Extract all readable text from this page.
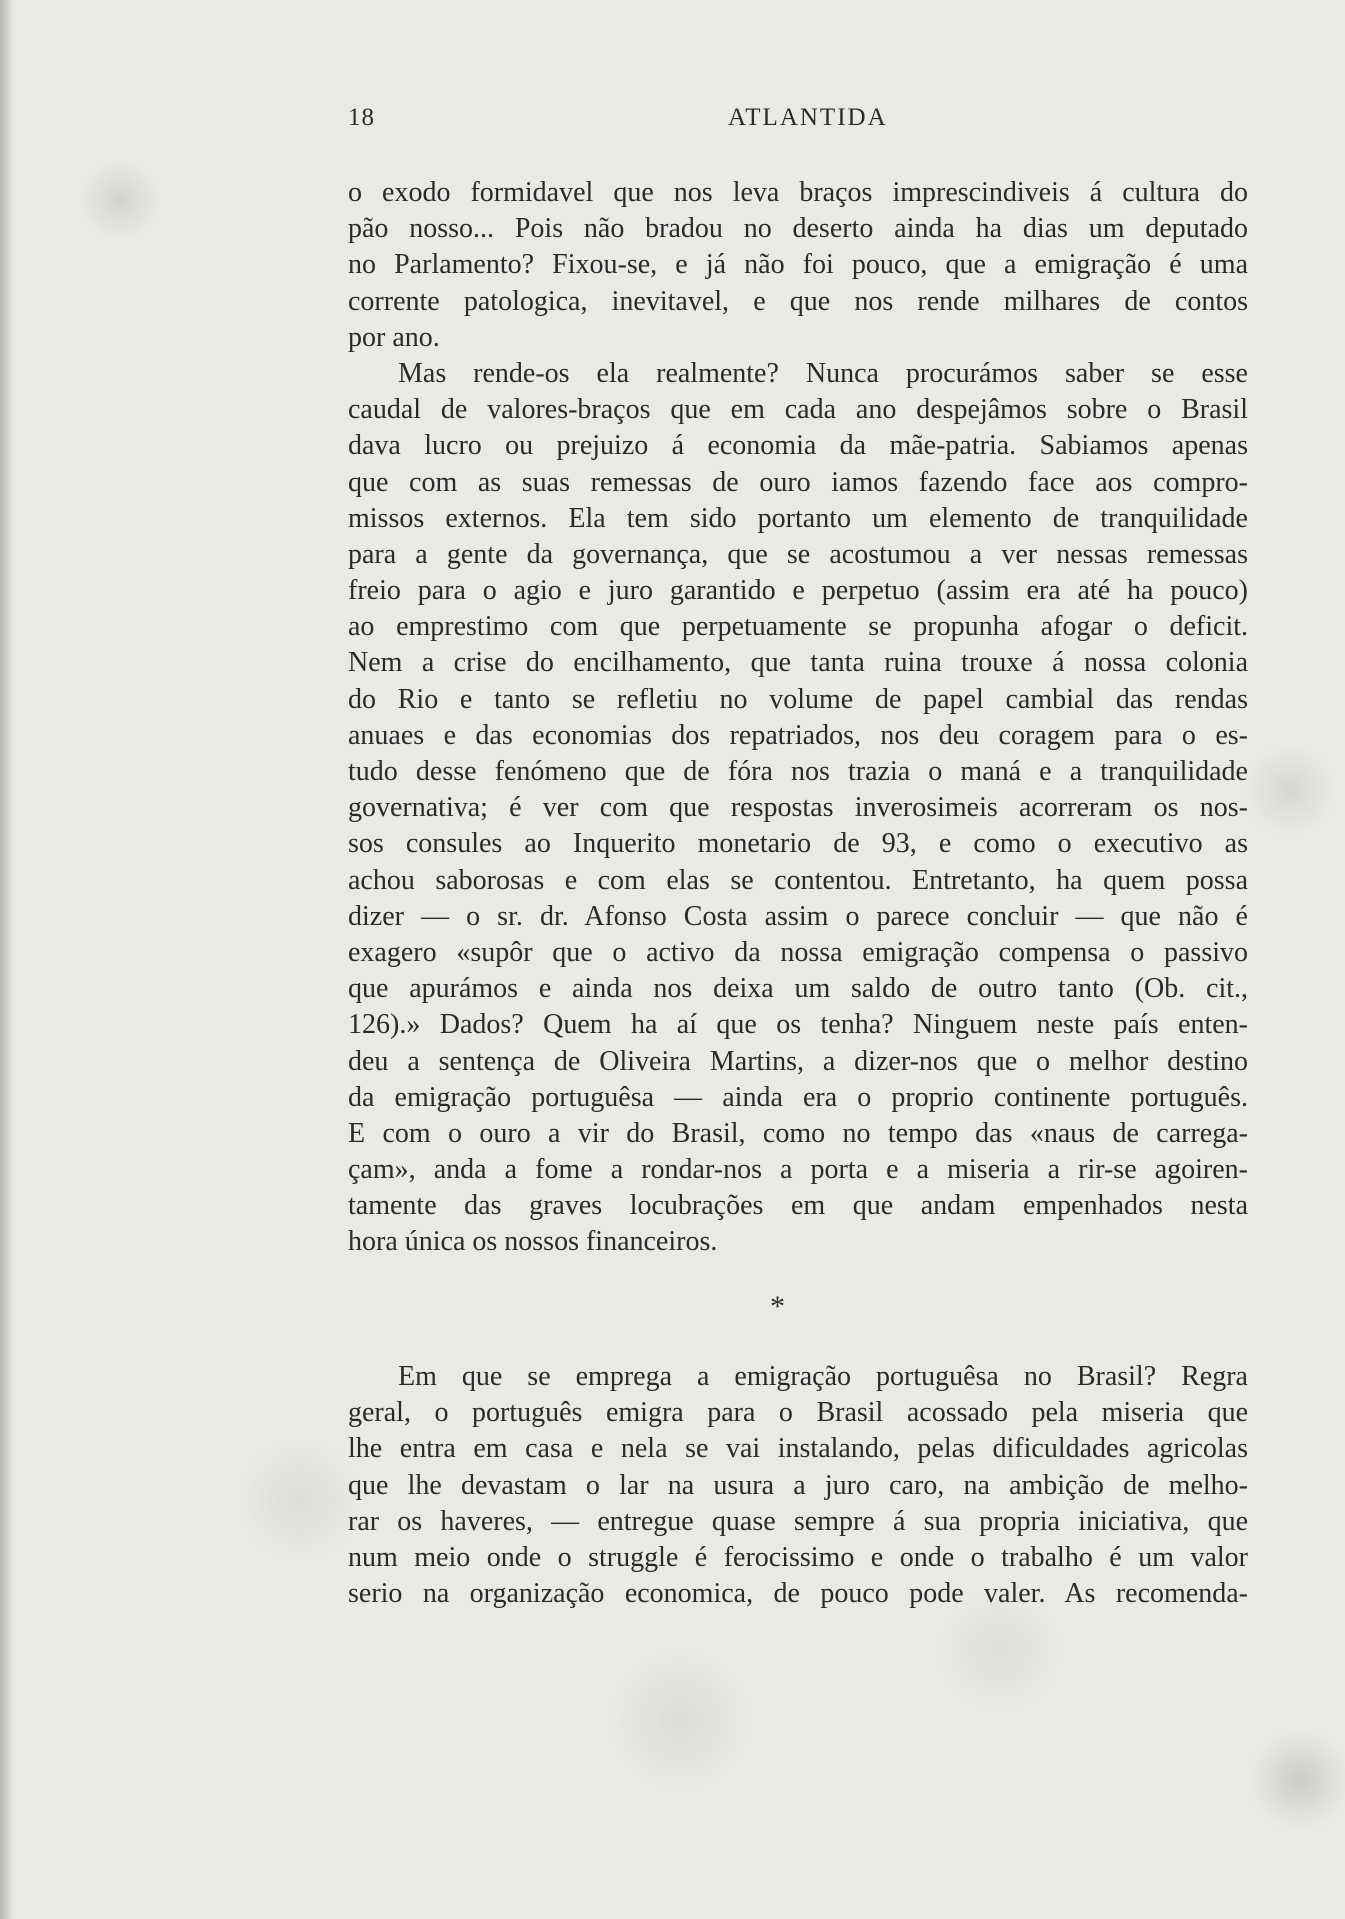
18	ATLANTIDA
o exodo formidavel que nos leva braços imprescindiveis á cultura do
pão nosso... Pois não bradou no deserto ainda ha dias um deputado
no Parlamento? Fixou-se, e já não foi pouco, que a emigração é uma
corrente patologica, inevitavel, e que nos rende milhares de contos
por ano.
Mas rende-os ela realmente? Nunca procurámos saber se esse
caudal de valores-braços que em cada ano despejâmos sobre o Brasil
dava lucro ou prejuizo á economia da mãe-patria. Sabiamos apenas
que com as suas remessas de ouro iamos fazendo face aos compro-
missos externos. Ela tem sido portanto um elemento de tranquilidade
para a gente da governança, que se acostumou a ver nessas remessas
freio para o agio e juro garantido e perpetuo (assim era até ha pouco)
ao emprestimo com que perpetuamente se propunha afogar o deficit.
Nem a crise do encilhamento, que tanta ruina trouxe á nossa colonia
do Rio e tanto se refletiu no volume de papel cambial das rendas
anuaes e das economias dos repatriados, nos deu coragem para o es-
tudo desse fenómeno que de fóra nos trazia o maná e a tranquilidade
governativa; é ver com que respostas inverosimeis acorreram os nos-
sos consules ao Inquerito monetario de 93, e como o executivo as
achou saborosas e com elas se contentou. Entretanto, ha quem possa
dizer — o sr. dr. Afonso Costa assim o parece concluir — que não é
exagero «supôr que o activo da nossa emigração compensa o passivo
que apurámos e ainda nos deixa um saldo de outro tanto (Ob. cit.,
126).» Dados? Quem ha aí que os tenha? Ninguem neste país enten-
deu a sentença de Oliveira Martins, a dizer-nos que o melhor destino
da emigração portuguêsa — ainda era o proprio continente português.
E com o ouro a vir do Brasil, como no tempo das «naus de carrega-
çam», anda a fome a rondar-nos a porta e a miseria a rir-se agoiren-
tamente das graves locubrações em que andam empenhados nesta
hora única os nossos financeiros.
*
Em que se emprega a emigração portuguêsa no Brasil? Regra
geral, o português emigra para o Brasil acossado pela miseria que
lhe entra em casa e nela se vai instalando, pelas dificuldades agricolas
que lhe devastam o lar na usura a juro caro, na ambição de melho-
rar os haveres, — entregue quase sempre á sua propria iniciativa, que
num meio onde o struggle é ferocissimo e onde o trabalho é um valor
serio na organização economica, de pouco pode valer. As recomenda-
